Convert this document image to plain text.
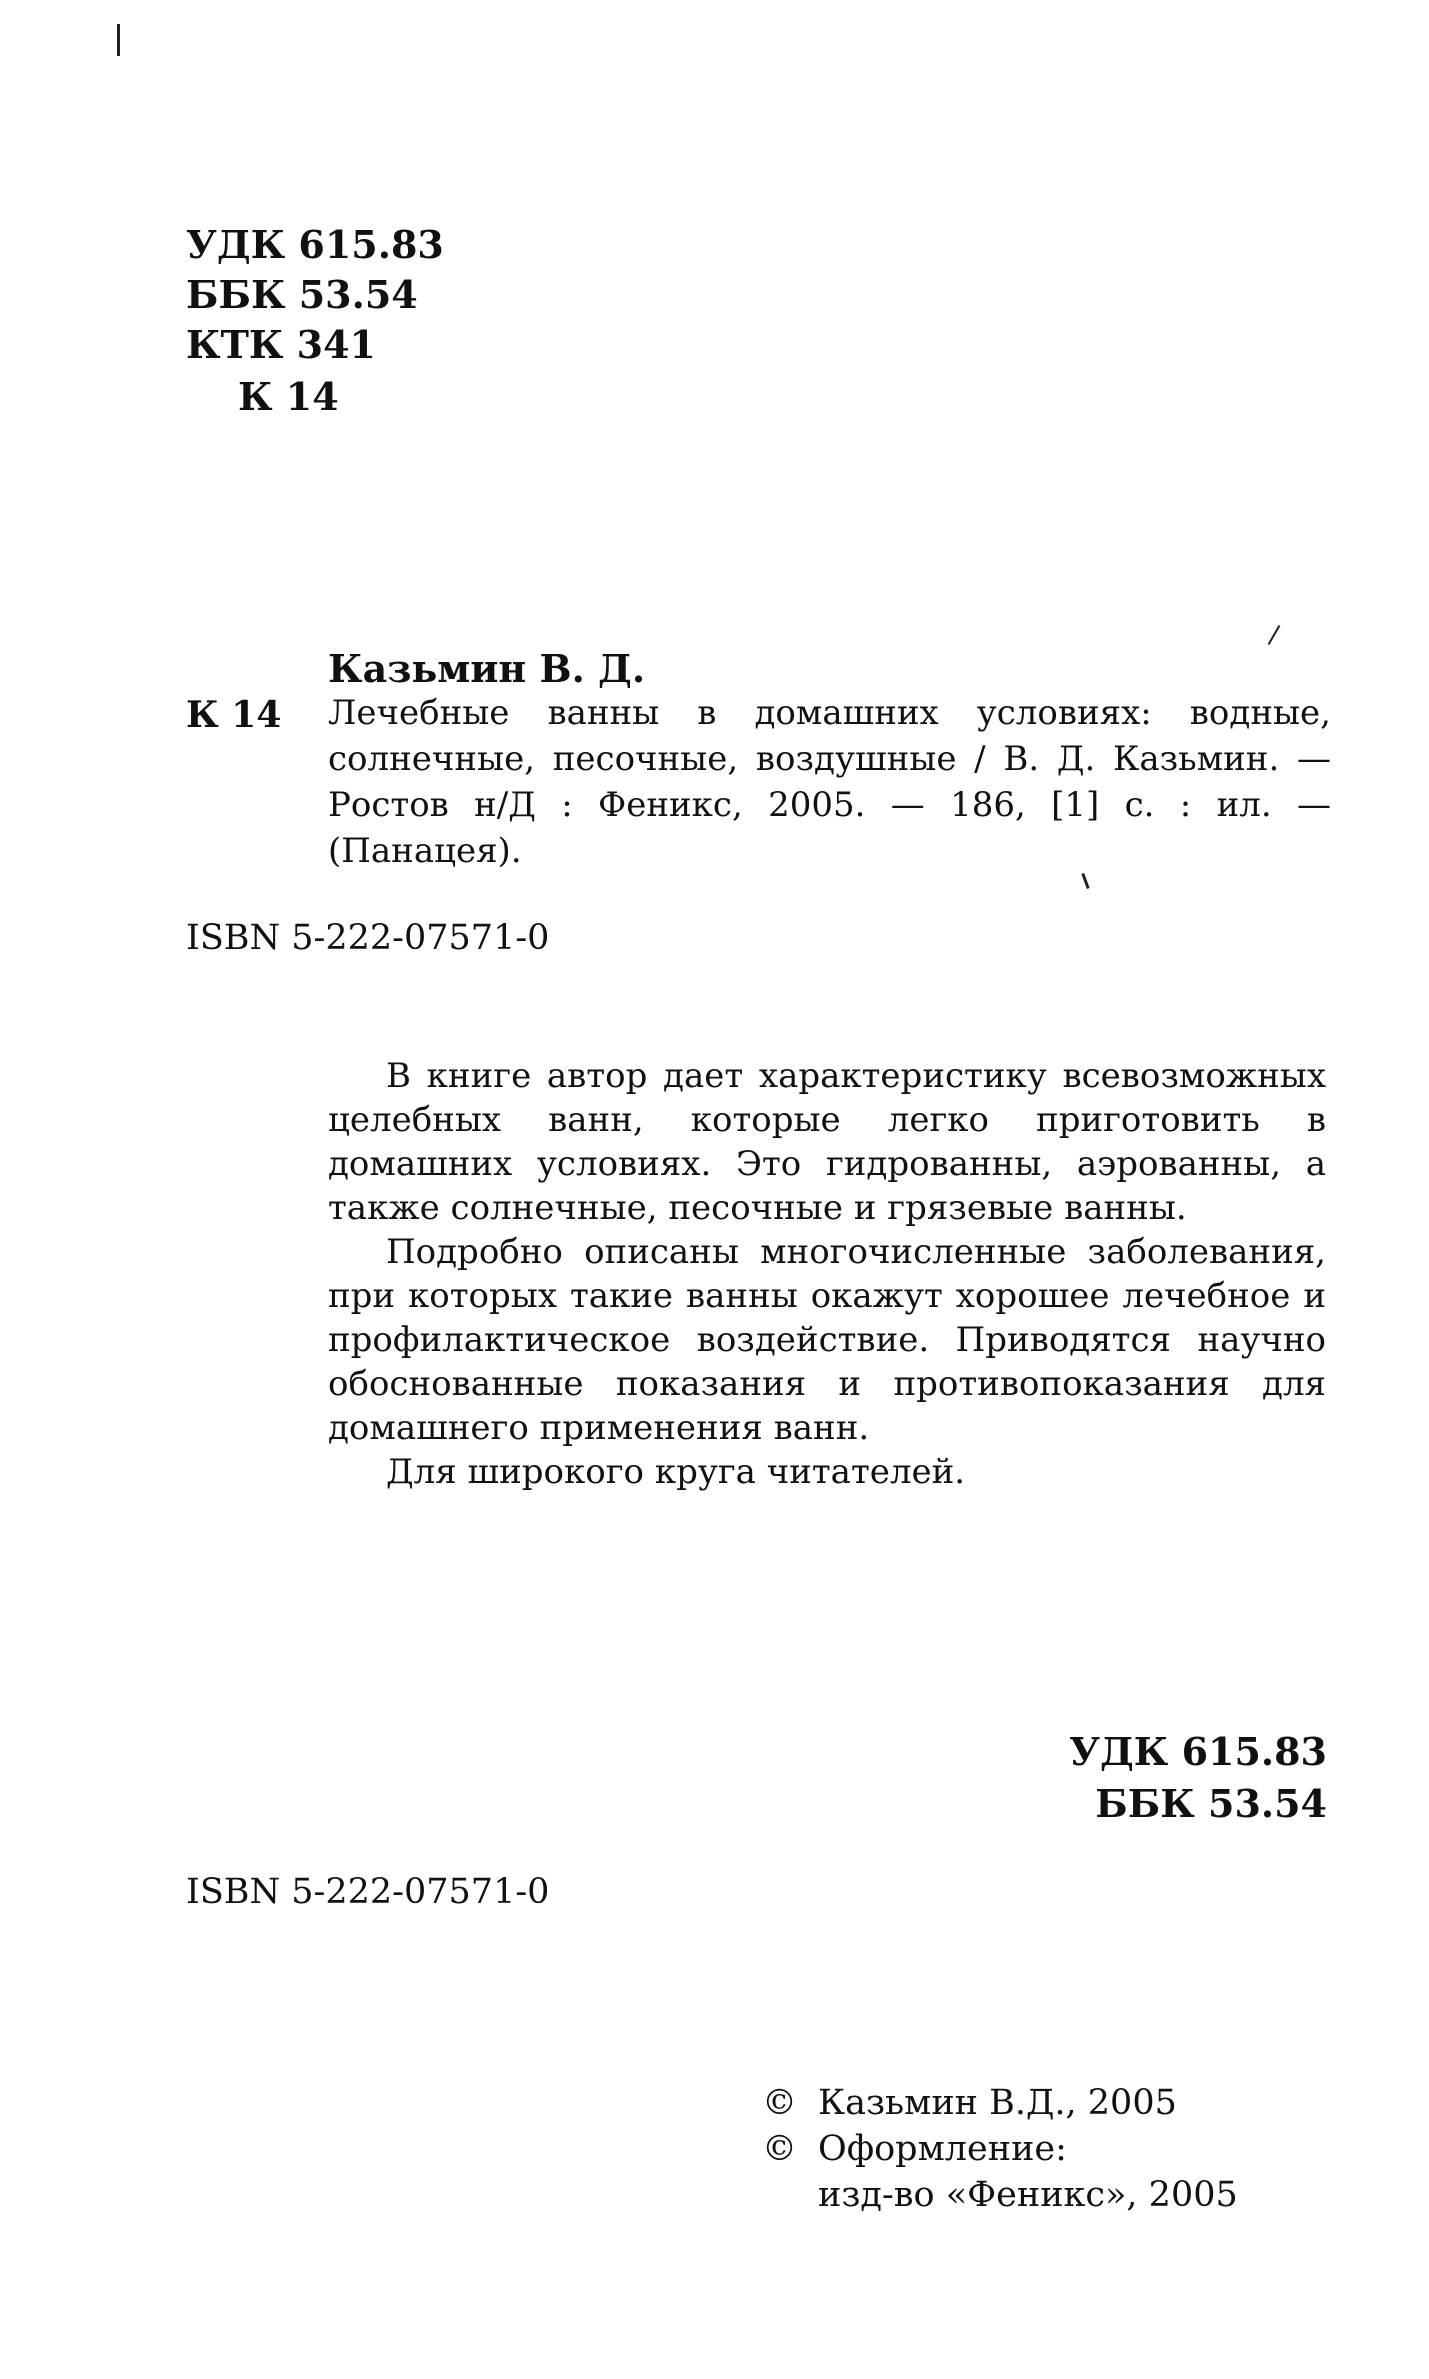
УДК 615.83
ББК 53.54
КТК 341
К 14
Казьмин В. Д.
К 14 Лечебные ванны в домашних условиях: водные, солнечные, песочные, воздушные / В. Д. Казьмин. — Ростов н/Д : Феникс, 2005. — 186, [1] с. : ил. — (Панацея).
ISBN 5-222-07571-0

В книге автор дает характеристику всевозможных целебных ванн, которые легко приготовить в домашних условиях. Это гидрованны, аэрованны, а также солнечные, песочные и грязевые ванны.

Подробно описаны многочисленные заболевания, при которых такие ванны окажут хорошее лечебное и профилактическое воздействие. Приводятся научно обоснованные показания и противопоказания для домашнего применения ванн.

Для широкого круга читателей.

УДК 615.83
ББК 53.54
ISBN 5-222-07571-0
© Казьмин В.Д., 2005
© Оформление:
изд-во «Феникс», 2005
